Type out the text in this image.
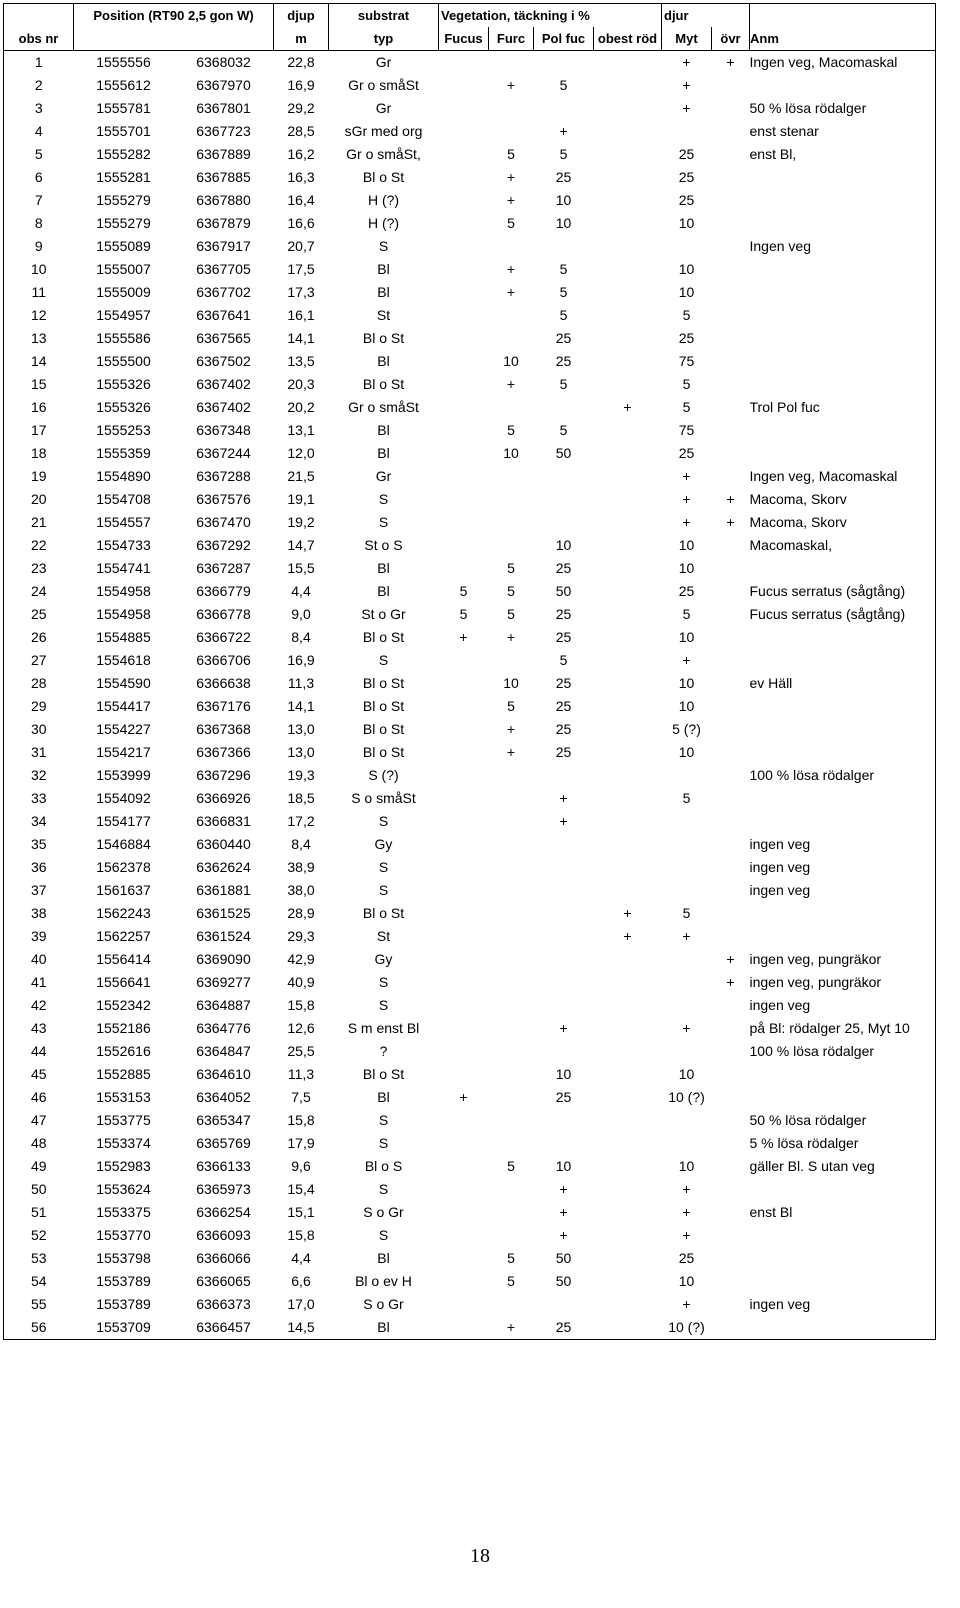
	Position (RT90 2,5 gon W)		djup	substrat	Vegetation, täckning i %				djur		
obs nr			m	typ	Fucus	Furc	Pol fuc	obest röd	Myt	övr	Anm
1	1555556	6368032	22,8	Gr					+	+	Ingen veg, Macomaskal
2	1555612	6367970	16,9	Gr o småSt		+	5		+		
3	1555781	6367801	29,2	Gr					+		50 % lösa rödalger
4	1555701	6367723	28,5	sGr med org			+				enst stenar
5	1555282	6367889	16,2	Gr o småSt,		5	5		25		enst Bl,
6	1555281	6367885	16,3	Bl o St		+	25		25		
7	1555279	6367880	16,4	H (?)		+	10		25		
8	1555279	6367879	16,6	H (?)		5	10		10		
9	1555089	6367917	20,7	S							Ingen veg
10	1555007	6367705	17,5	Bl		+	5		10		
11	1555009	6367702	17,3	Bl		+	5		10		
12	1554957	6367641	16,1	St			5		5		
13	1555586	6367565	14,1	Bl o St			25		25		
14	1555500	6367502	13,5	Bl		10	25		75		
15	1555326	6367402	20,3	Bl o St		+	5		5		
16	1555326	6367402	20,2	Gr o småSt				+	5		Trol Pol fuc
17	1555253	6367348	13,1	Bl		5	5		75		
18	1555359	6367244	12,0	Bl		10	50		25		
19	1554890	6367288	21,5	Gr					+		Ingen veg, Macomaskal
20	1554708	6367576	19,1	S					+	+	Macoma, Skorv
21	1554557	6367470	19,2	S					+	+	Macoma, Skorv
22	1554733	6367292	14,7	St o S			10		10		Macomaskal,
23	1554741	6367287	15,5	Bl		5	25		10		
24	1554958	6366779	4,4	Bl	5	5	50		25		Fucus serratus (sågtång)
25	1554958	6366778	9,0	St o Gr	5	5	25		5		Fucus serratus (sågtång)
26	1554885	6366722	8,4	Bl o St	+	+	25		10		
27	1554618	6366706	16,9	S			5		+		
28	1554590	6366638	11,3	Bl o St		10	25		10		ev Häll
29	1554417	6367176	14,1	Bl o St		5	25		10		
30	1554227	6367368	13,0	Bl o St		+	25		5 (?)		
31	1554217	6367366	13,0	Bl o St		+	25		10		
32	1553999	6367296	19,3	S (?)							100 % lösa rödalger
33	1554092	6366926	18,5	S o småSt			+		5		
34	1554177	6366831	17,2	S			+				
35	1546884	6360440	8,4	Gy							ingen veg
36	1562378	6362624	38,9	S							ingen veg
37	1561637	6361881	38,0	S							ingen veg
38	1562243	6361525	28,9	Bl o St				+	5		
39	1562257	6361524	29,3	St				+	+		
40	1556414	6369090	42,9	Gy						+	ingen veg, pungräkor
41	1556641	6369277	40,9	S						+	ingen veg, pungräkor
42	1552342	6364887	15,8	S							ingen veg
43	1552186	6364776	12,6	S m enst Bl			+		+		på Bl: rödalger 25, Myt 10
44	1552616	6364847	25,5	?							100 % lösa rödalger
45	1552885	6364610	11,3	Bl o St			10		10		
46	1553153	6364052	7,5	Bl	+		25		10 (?)		
47	1553775	6365347	15,8	S							50 % lösa rödalger
48	1553374	6365769	17,9	S							5 % lösa rödalger
49	1552983	6366133	9,6	Bl o S		5	10		10		gäller Bl. S utan veg
50	1553624	6365973	15,4	S			+		+		
51	1553375	6366254	15,1	S o Gr			+		+		enst Bl
52	1553770	6366093	15,8	S			+		+		
53	1553798	6366066	4,4	Bl		5	50		25		
54	1553789	6366065	6,6	Bl o ev H		5	50		10		
55	1553789	6366373	17,0	S o Gr					+		ingen veg
56	1553709	6366457	14,5	Bl		+	25		10 (?)		
18
